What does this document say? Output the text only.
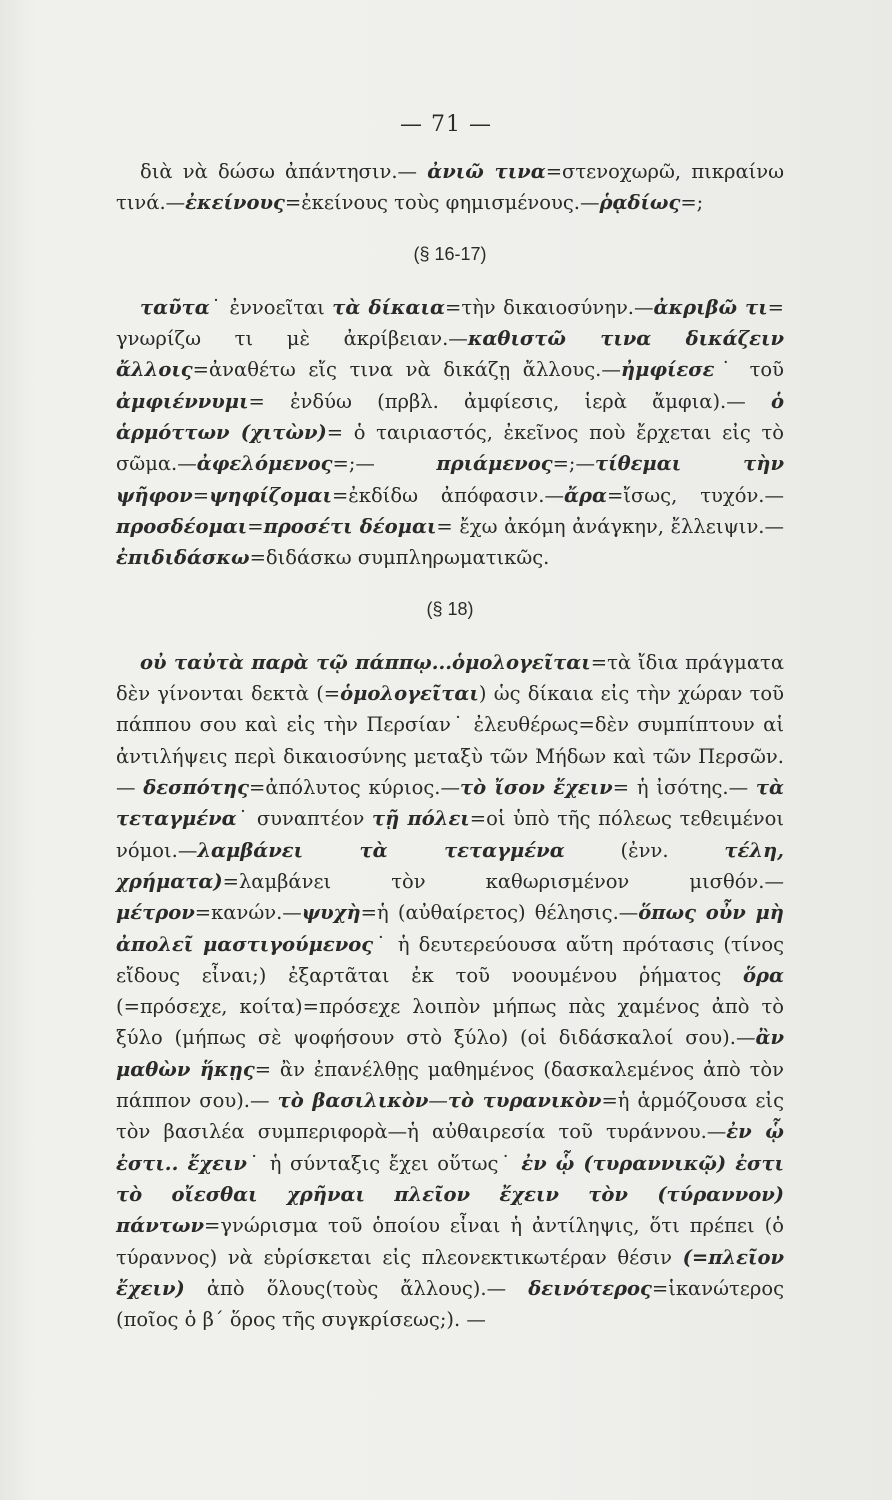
— 71 —

διὰ νὰ δώσω ἀπάντησιν.— ἀνιῶ τινα=στενοχωρῶ, πικραίνω τινά.—ἐκείνους=ἐκείνους τοὺς φημισμένους.—ῥᾳδίως=;

(§ 16-17)

ταῦτα˙ ἐννοεῖται τὰ δίκαια=τὴν δικαιοσύνην.—ἀκριβῶ τι= γνωρίζω τι μὲ ἀκρίβειαν.—καθιστῶ τινα δικάζειν ἄλλοις=ἀναθέτω εἴς τινα νὰ δικάζῃ ἄλλους.—ἠμφίεσε˙ τοῦ ἀμφιέννυμι= ἐνδύω (πρβλ. ἀμφίεσις, ἱερὰ ἄμφια).— ὁ ἁρμόττων (χιτὼν)= ὁ ταιριαστός, ἐκεῖνος ποὺ ἔρχεται εἰς τὸ σῶμα.—ἀφελόμενος=;— πριάμενος=;—τίθεμαι τὴν ψῆφον=ψηφίζομαι=ἐκδίδω ἀπόφασιν.—ἄρα=ἴσως, τυχόν.— προσδέομαι=προσέτι δέομαι= ἔχω ἀκόμη ἀνάγκην, ἔλλειψιν.—ἐπιδιδάσκω=διδάσκω συμπληρωματικῶς.

(§ 18)

οὐ ταὐτὰ παρὰ τῷ πάππῳ...ὁμολογεῖται=τὰ ἴδια πράγματα δὲν γίνονται δεκτὰ (=ὁμολογεῖται) ὡς δίκαια εἰς τὴν χώραν τοῦ πάππου σου καὶ εἰς τὴν Περσίαν˙ ἐλευθέρως=δὲν συμπίπτουν αἱ ἀντιλήψεις περὶ δικαιοσύνης μεταξὺ τῶν Μήδων καὶ τῶν Περσῶν.— δεσπότης=ἀπόλυτος κύριος.—τὸ ἴσον ἔχειν= ἡ ἰσότης.— τὰ τεταγμένα˙ συναπτέον τῇ πόλει=οἱ ὑπὸ τῆς πόλεως τεθειμένοι νόμοι.—λαμβάνει τὰ τεταγμένα (ἐνν. τέλη, χρήματα)=λαμβάνει τὸν καθωρισμένον μισθόν.—μέτρον=κανών.—ψυχὴ=ἡ (αὐθαίρετος) θέλησις.—ὅπως οὖν μὴ ἀπολεῖ μαστιγούμενος˙ ἡ δευτερεύουσα αὕτη πρότασις (τίνος εἴδους εἶναι;) ἐξαρτᾶται ἐκ τοῦ νοουμένου ῥήματος ὅρα (=πρόσεχε, κοίτα)=πρόσεχε λοιπὸν μήπως πὰς χαμένος ἀπὸ τὸ ξύλο (μήπως σὲ ψοφήσουν στὸ ξύλο) (οἱ διδάσκαλοί σου).—ἂν μαθὼν ἥκῃς= ἂν ἐπανέλθῃς μαθημένος (δασκαλεμένος ἀπὸ τὸν πάππον σου).— τὸ βασιλικὸν—τὸ τυρανικὸν=ἡ ἁρμόζουσα εἰς τὸν βασιλέα συμπεριφορὰ—ἡ αὐθαιρεσία τοῦ τυράννου.—ἐν ᾧ ἐστι.. ἔχειν˙ ἡ σύνταξις ἔχει οὕτως˙ ἐν ᾧ (τυραννικῷ) ἐστι τὸ οἴεσθαι χρῆναι πλεῖον ἔχειν τὸν (τύραννον) πάντων=γνώρισμα τοῦ ὁποίου εἶναι ἡ ἀντίληψις, ὅτι πρέπει (ὁ τύραννος) νὰ εὑρίσκεται εἰς πλεονεκτικωτέραν θέσιν (=πλεῖον ἔχειν) ἀπὸ ὅλους(τοὺς ἄλλους).— δεινότερος=ἱκανώτερος (ποῖος ὁ β΄ ὅρος τῆς συγκρίσεως;). —
